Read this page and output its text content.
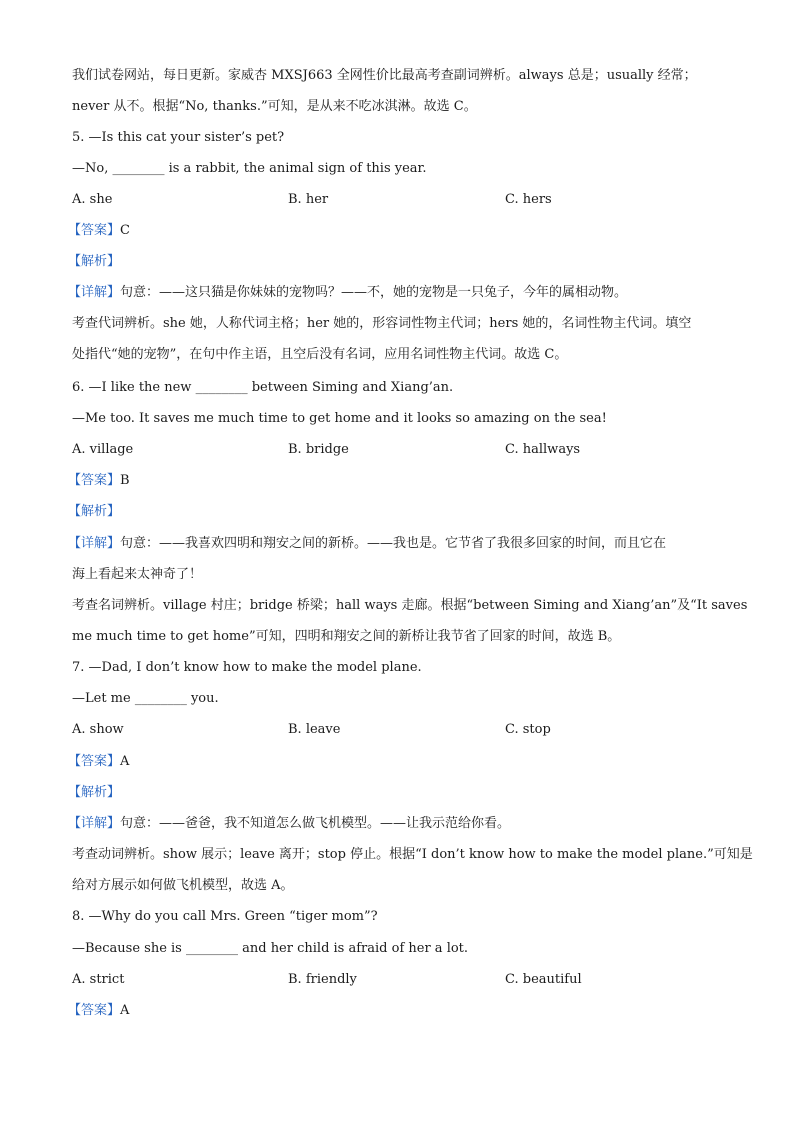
我们试卷网站，每日更新。家威杏 MXSJ663 全网性价比最高考查副词辨析。always 总是；usually 经常；
never 从不。根据“No, thanks.”可知，是从来不吃冰淇淋。故选 C。
5. —Is this cat your sister’s pet?
—No, ________ is a rabbit, the animal sign of this year.
A. she	B. her	C. hers
【答案】C
【解析】
【详解】句意：——这只猫是你妹妹的宠物吗？——不，她的宠物是一只兔子，今年的属相动物。
考查代词辨析。she 她，人称代词主格；her 她的，形容词性物主代词；hers 她的，名词性物主代词。填空
处指代“她的宠物”，在句中作主语，且空后没有名词，应用名词性物主代词。故选 C。
6. —I like the new ________ between Siming and Xiang’an.
—Me too. It saves me much time to get home and it looks so amazing on the sea!
A. village	B. bridge	C. hallways
【答案】B
【解析】
【详解】句意：——我喜欢四明和翔安之间的新桥。——我也是。它节省了我很多回家的时间，而且它在
海上看起来太神奇了！
考查名词辨析。village 村庄；bridge 桥梁；hall ways 走廊。根据“between Siming and Xiang’an”及“It saves
me much time to get home”可知，四明和翔安之间的新桥让我节省了回家的时间，故选 B。
7. —Dad, I don’t know how to make the model plane.
—Let me ________ you.
A. show	B. leave	C. stop
【答案】A
【解析】
【详解】句意：——爸爸，我不知道怎么做飞机模型。——让我示范给你看。
考查动词辨析。show 展示；leave 离开；stop 停止。根据“I don’t know how to make the model plane.”可知是
给对方展示如何做飞机模型，故选 A。
8. —Why do you call Mrs. Green “tiger mom”?
—Because she is ________ and her child is afraid of her a lot.
A. strict	B. friendly	C. beautiful
【答案】A
